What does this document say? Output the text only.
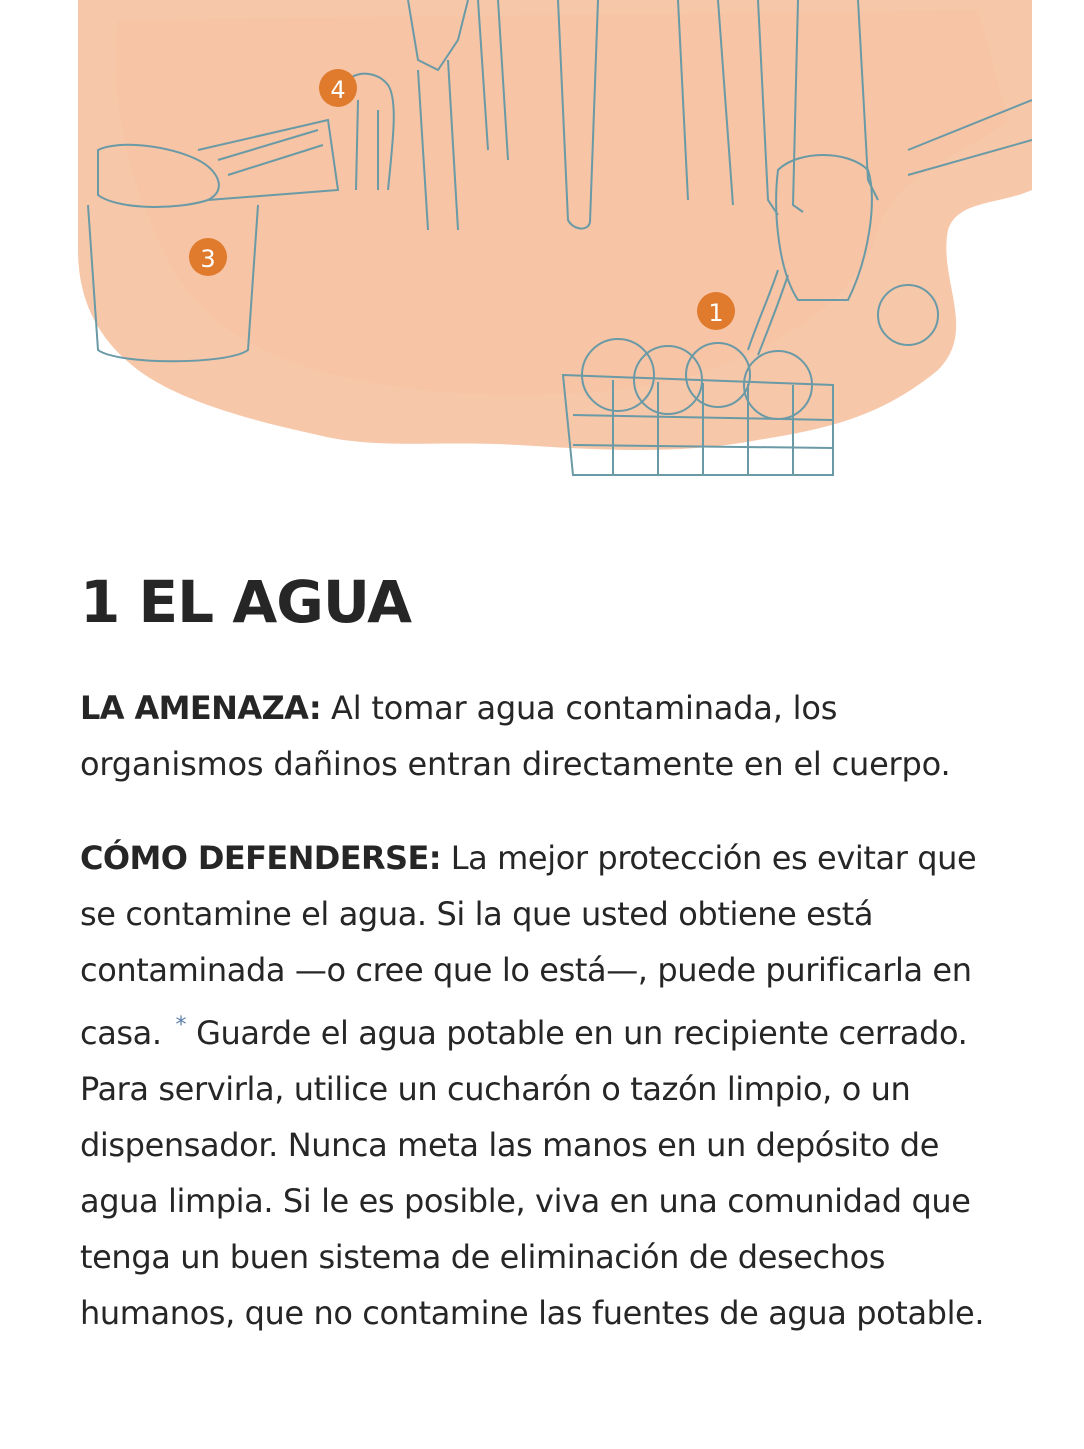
4
3
1
1 EL AGUA

LA AMENAZA: Al tomar agua contaminada, los organismos dañinos entran directamente en el cuerpo.

CÓMO DEFENDERSE: La mejor protección es evitar que se contamine el agua. Si la que usted obtiene está contaminada —o cree que lo está—, puede purificarla en casa. * Guarde el agua potable en un recipiente cerrado. Para servirla, utilice un cucharón o tazón limpio, o un dispensador. Nunca meta las manos en un depósito de agua limpia. Si le es posible, viva en una comunidad que tenga un buen sistema de eliminación de desechos humanos, que no contamine las fuentes de agua potable.
